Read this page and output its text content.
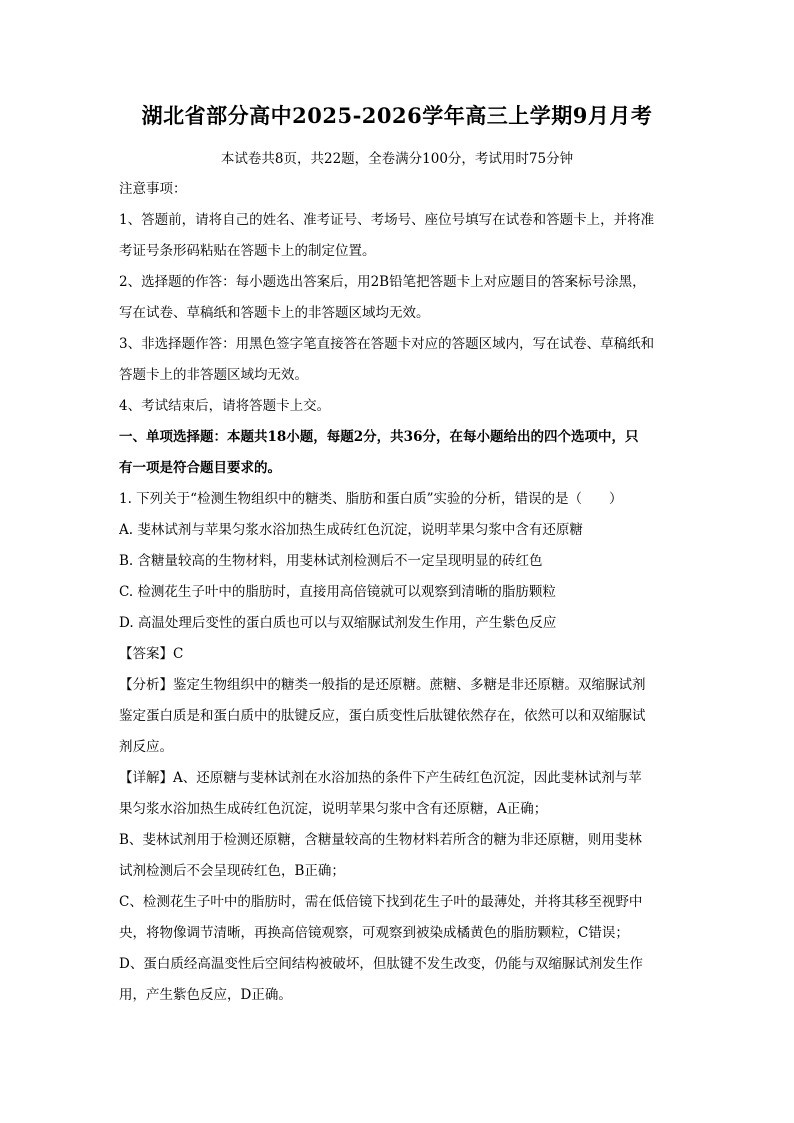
湖北省部分高中2025-2026学年高三上学期9月月考
本试卷共8页，共22题，全卷满分100分，考试用时75分钟

注意事项：

1、答题前，请将自己的姓名、准考证号、考场号、座位号填写在试卷和答题卡上，并将准

考证号条形码粘贴在答题卡上的制定位置。

2、选择题的作答：每小题选出答案后，用2B铅笔把答题卡上对应题目的答案标号涂黑，

写在试卷、草稿纸和答题卡上的非答题区域均无效。

3、非选择题作答：用黑色签字笔直接答在答题卡对应的答题区域内，写在试卷、草稿纸和

答题卡上的非答题区域均无效。

4、考试结束后，请将答题卡上交。

一、单项选择题：本题共18小题，每题2分，共36分，在每小题给出的四个选项中，只

有一项是符合题目要求的。

1. 下列关于“检测生物组织中的糖类、脂肪和蛋白质”实验的分析，错误的是（　　）

A. 斐林试剂与苹果匀浆水浴加热生成砖红色沉淀，说明苹果匀浆中含有还原糖

B. 含糖量较高的生物材料，用斐林试剂检测后不一定呈现明显的砖红色

C. 检测花生子叶中的脂肪时，直接用高倍镜就可以观察到清晰的脂肪颗粒

D. 高温处理后变性的蛋白质也可以与双缩脲试剂发生作用，产生紫色反应

【答案】C

【分析】鉴定生物组织中的糖类一般指的是还原糖。蔗糖、多糖是非还原糖。双缩脲试剂

鉴定蛋白质是和蛋白质中的肽键反应，蛋白质变性后肽键依然存在，依然可以和双缩脲试

剂反应。

【详解】A、还原糖与斐林试剂在水浴加热的条件下产生砖红色沉淀，因此斐林试剂与苹

果匀浆水浴加热生成砖红色沉淀，说明苹果匀浆中含有还原糖，A正确；

B、斐林试剂用于检测还原糖，含糖量较高的生物材料若所含的糖为非还原糖，则用斐林

试剂检测后不会呈现砖红色，B正确；

C、检测花生子叶中的脂肪时，需在低倍镜下找到花生子叶的最薄处，并将其移至视野中

央，将物像调节清晰，再换高倍镜观察，可观察到被染成橘黄色的脂肪颗粒，C错误；

D、蛋白质经高温变性后空间结构被破坏，但肽键不发生改变，仍能与双缩脲试剂发生作

用，产生紫色反应，D正确。
